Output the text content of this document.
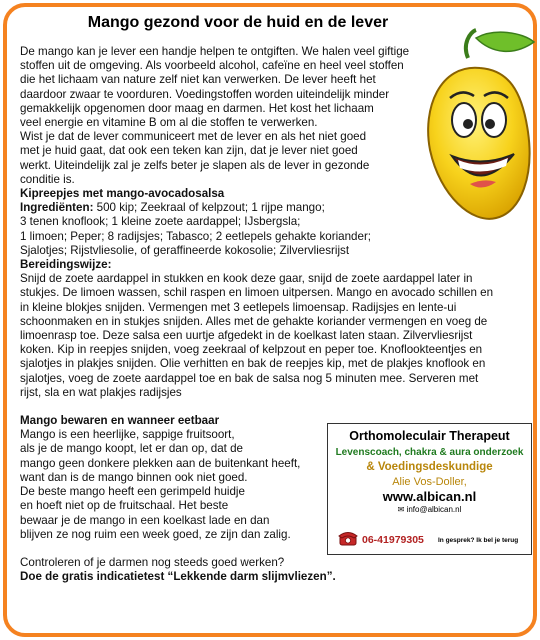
Mango gezond voor de huid en de lever

De mango kan je lever een handje helpen te ontgiften. We halen veel giftige

stoffen uit de omgeving. Als voorbeeld alcohol, cafeïne en heel veel stoffen

die het lichaam van nature zelf niet kan verwerken. De lever heeft het

daardoor zwaar te voorduren. Voedingstoffen worden uiteindelijk minder

gemakkelijk opgenomen door maag en darmen. Het kost het lichaam

veel energie en vitamine B om al die stoffen te verwerken.

Wist je dat de lever communiceert met de lever en als het niet goed

met je huid gaat, dat ook een teken kan zijn, dat je lever niet goed

werkt. Uiteindelijk zal je zelfs beter je slapen als de lever in gezonde

conditie is.

Kipreepjes met mango-avocadosalsa

Ingrediënten: 500 kip; Zeekraal of kelpzout; 1 rijpe mango;

3 tenen knoflook; 1 kleine zoete aardappel; IJsbergsla;

1 limoen; Peper; 8 radijsjes; Tabasco; 2 eetlepels gehakte koriander;

Sjalotjes; Rijstvliesolie, of geraffineerde kokosolie; Zilvervliesrijst

Bereidingswijze:

Snijd de zoete aardappel in stukken en kook deze gaar, snijd de zoete aardappel later in

stukjes. De limoen wassen, schil raspen en limoen uitpersen. Mango en avocado schillen en

in kleine blokjes snijden. Vermengen met 3 eetlepels limoensap. Radijsjes en lente-ui

schoonmaken en in stukjes snijden. Alles met de gehakte koriander vermengen en voeg de

limoenrasp toe. Deze salsa een uurtje afgedekt in de koelkast laten staan. Zilvervliesrijst

koken. Kip in reepjes snijden, voeg zeekraal of kelpzout en peper toe. Knoflookteentjes en

sjalotjes in plakjes snijden. Olie verhitten en bak de reepjes kip, met de plakjes knoflook en

sjalotjes, voeg de zoete aardappel toe en bak de salsa nog 5 minuten mee. Serveren met

rijst, sla en wat plakjes radijsjes

Mango bewaren en wanneer eetbaar

Mango is een heerlijke, sappige fruitsoort,

als je de mango koopt, let er dan op, dat de

mango geen donkere plekken aan de buitenkant heeft,

want dan is de mango binnen ook niet goed.

De beste mango heeft een gerimpeld huidje

en hoeft niet op de fruitschaal. Het beste

bewaar je de mango in een koelkast lade en dan

blijven ze nog ruim een week goed, ze zijn dan zalig.

Controleren of je darmen nog steeds goed werken?

Doe de gratis indicatietest “Lekkende darm slijmvliezen”.

Orthomoleculair Therapeut
Levenscoach, chakra & aura onderzoek
& Voedingsdeskundige
Alie Vos-Doller,
www.albican.nl
✉ info@albican.nl
06-41979305 In gesprek? Ik bel je terug
